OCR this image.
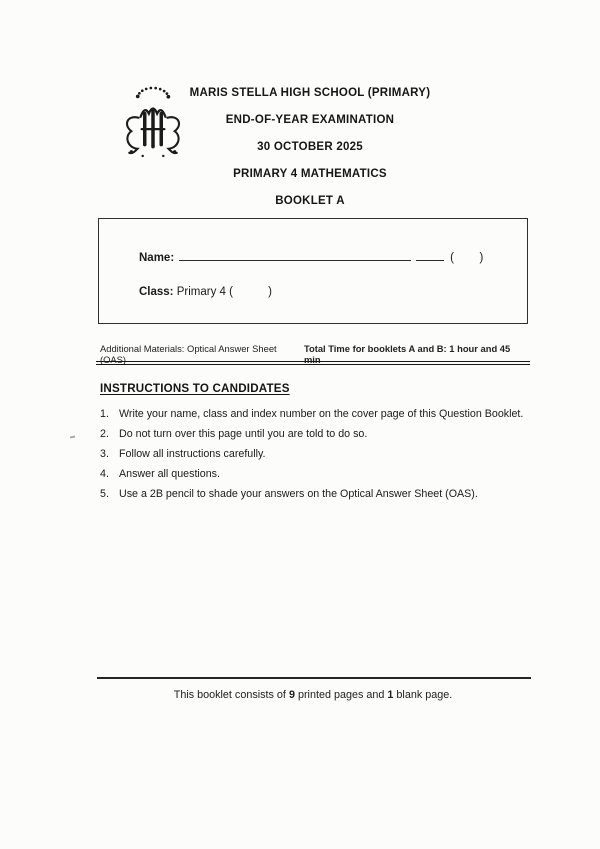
MARIS STELLA HIGH SCHOOL (PRIMARY)
END-OF-YEAR EXAMINATION
30 OCTOBER 2025
PRIMARY 4 MATHEMATICS
BOOKLET A
Name:	(        )
Class: Primary 4 (           )
Additional Materials: Optical Answer Sheet (OAS)
Total Time for booklets A and B: 1 hour and 45 min
INSTRUCTIONS TO CANDIDATES
1. Write your name, class and index number on the cover page of this Question Booklet.
2. Do not turn over this page until you are told to do so.
3. Follow all instructions carefully.
4. Answer all questions.
5. Use a 2B pencil to shade your answers on the Optical Answer Sheet (OAS).
This booklet consists of 9 printed pages and 1 blank page.
